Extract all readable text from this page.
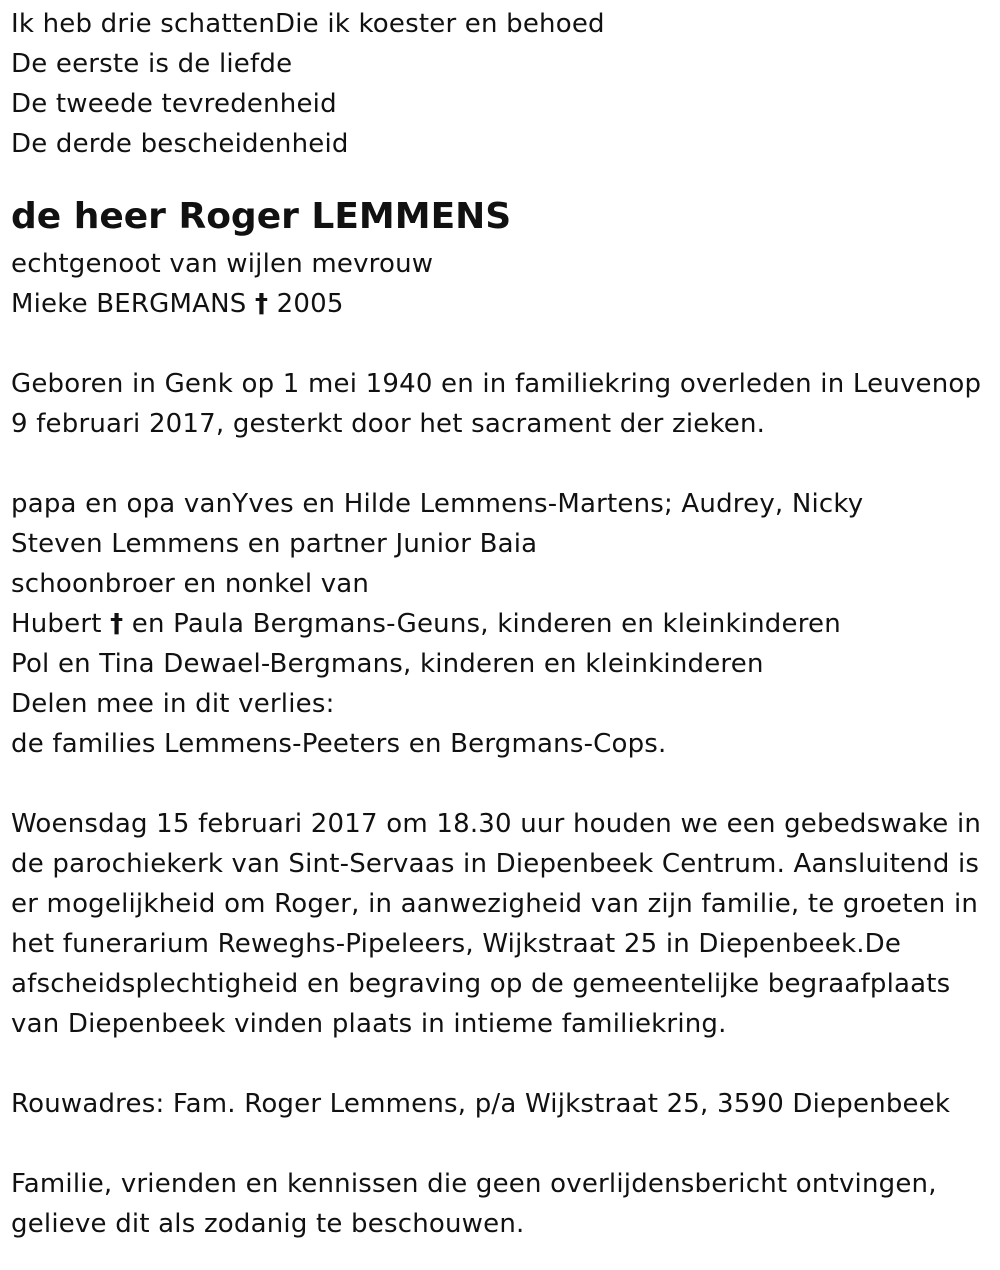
Ik heb drie schattenDie ik koester en behoed
De eerste is de liefde
De tweede tevredenheid
De derde bescheidenheid
de heer Roger LEMMENS
echtgenoot van wijlen mevrouw
Mieke BERGMANS † 2005
Geboren in Genk op 1 mei 1940 en in familiekring overleden in Leuvenop
9 februari 2017, gesterkt door het sacrament der zieken.
papa en opa vanYves en Hilde Lemmens-Martens; Audrey, Nicky
Steven Lemmens en partner Junior Baia
schoonbroer en nonkel van
Hubert † en Paula Bergmans-Geuns, kinderen en kleinkinderen
Pol en Tina Dewael-Bergmans, kinderen en kleinkinderen
Delen mee in dit verlies:
de families Lemmens-Peeters en Bergmans-Cops.
Woensdag 15 februari 2017 om 18.30 uur houden we een gebedswake in
de parochiekerk van Sint-Servaas in Diepenbeek Centrum. Aansluitend is
er mogelijkheid om Roger, in aanwezigheid van zijn familie, te groeten in
het funerarium Reweghs-Pipeleers, Wijkstraat 25 in Diepenbeek.De
afscheidsplechtigheid en begraving op de gemeentelijke begraafplaats
van Diepenbeek vinden plaats in intieme familiekring.
Rouwadres: Fam. Roger Lemmens, p/a Wijkstraat 25, 3590 Diepenbeek
Familie, vrienden en kennissen die geen overlijdensbericht ontvingen,
gelieve dit als zodanig te beschouwen.
